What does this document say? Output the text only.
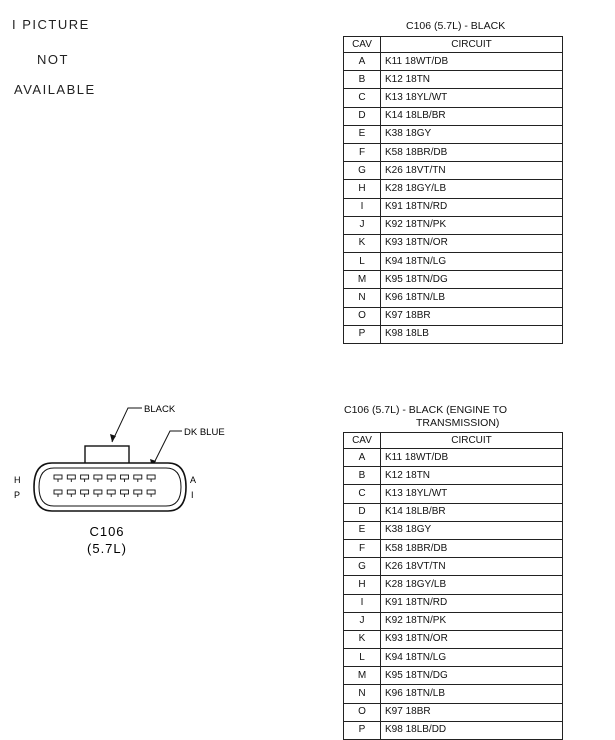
I PICTURE
NOT
AVAILABLE
C106 (5.7L) - BLACK
CAV	CIRCUIT
A	K11 18WT/DB
B	K12 18TN
C	K13 18YL/WT
D	K14 18LB/BR
E	K38 18GY
F	K58 18BR/DB
G	K26 18VT/TN
H	K28 18GY/LB
I	K91 18TN/RD
J	K92 18TN/PK
K	K93 18TN/OR
L	K94 18TN/LG
M	K95 18TN/DG
N	K96 18TN/LB
O	K97 18BR
P	K98 18LB
BLACK
DK BLUE
H
P
A
I
C106
(5.7L)
C106 (5.7L) - BLACK (ENGINE TO
TRANSMISSION)
CAV	CIRCUIT
A	K11 18WT/DB
B	K12 18TN
C	K13 18YL/WT
D	K14 18LB/BR
E	K38 18GY
F	K58 18BR/DB
G	K26 18VT/TN
H	K28 18GY/LB
I	K91 18TN/RD
J	K92 18TN/PK
K	K93 18TN/OR
L	K94 18TN/LG
M	K95 18TN/DG
N	K96 18TN/LB
O	K97 18BR
P	K98 18LB/DD
